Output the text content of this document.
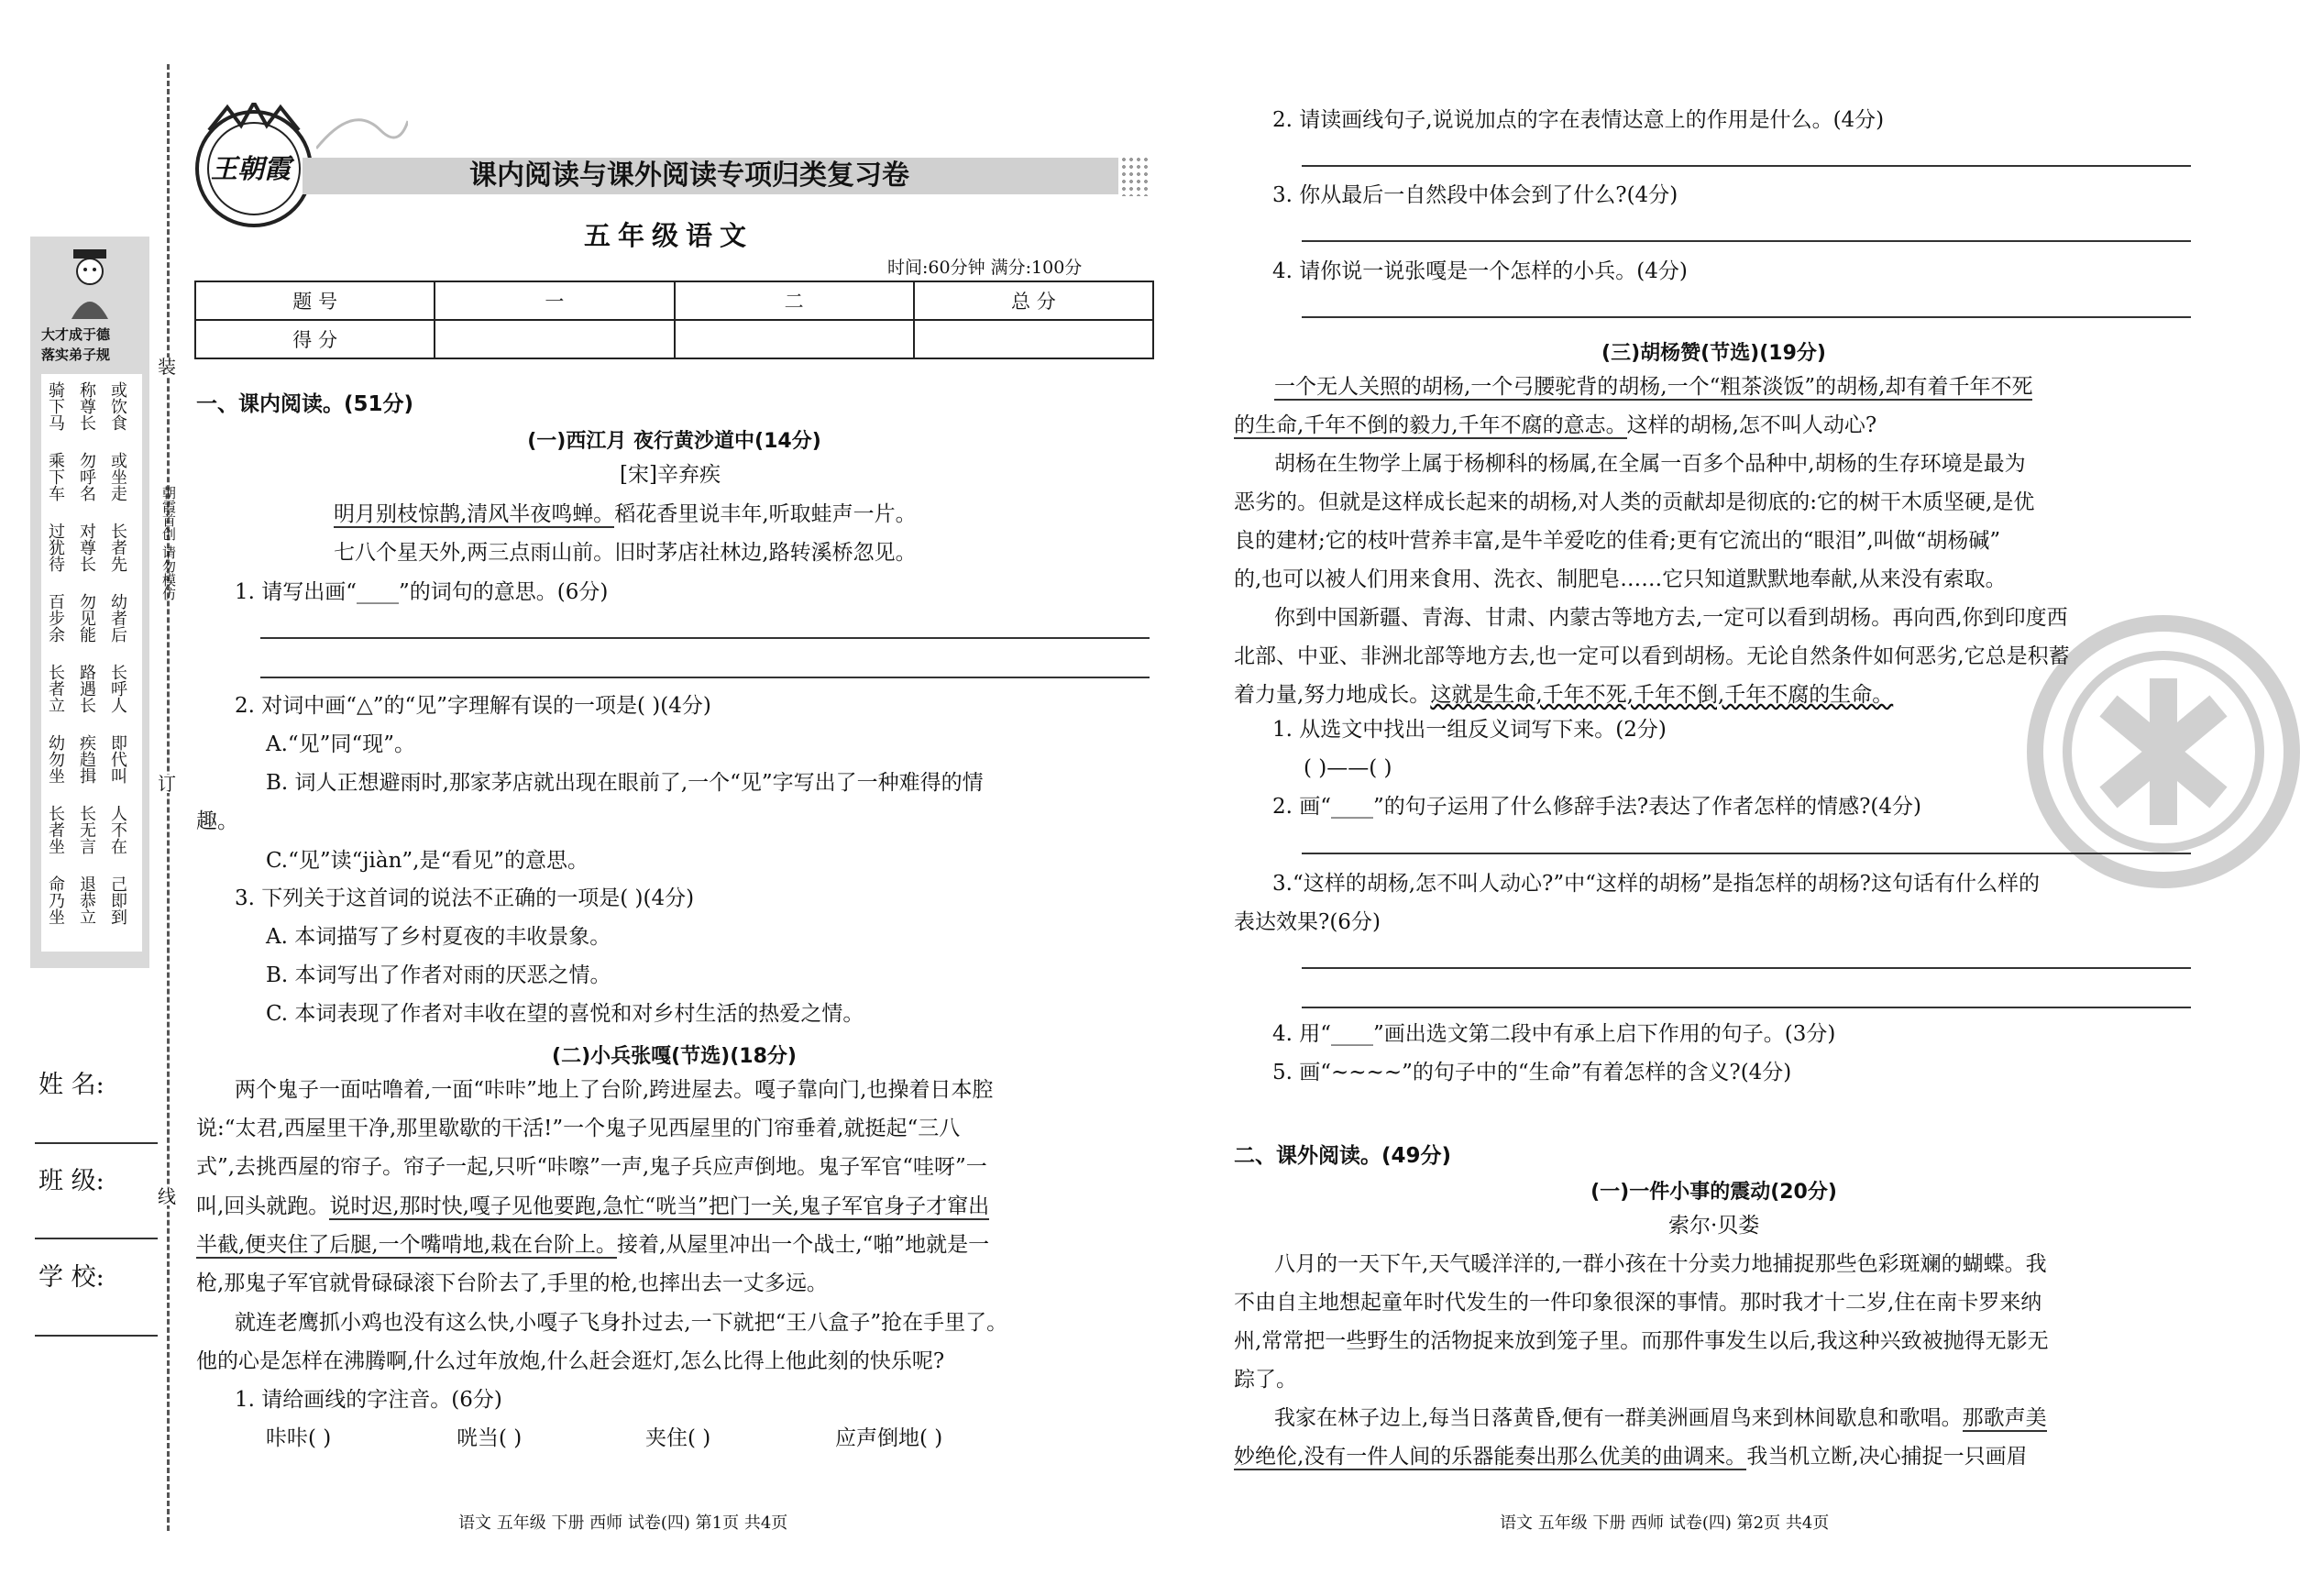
装
订
线
大才成于德
落实弟子规
或饮食
称尊长
骑下马
或坐走
勿呼名
乘下车
长者先
对尊长
过犹待
幼者后
勿见能
百步余
长呼人
路遇长
长者立
即代叫
疾趋揖
幼勿坐
人不在
长无言
长者坐
己即到
退恭立
命乃坐
朝霞首创 请勿模仿
姓 名:
班 级:
学 校:
王朝霞	课内阅读与课外阅读专项归类复习卷
五年级语文
时间:60分钟 满分:100分
题 号	一	二	总 分
得 分			
一、课内阅读。(51分)
(一)西江月 夜行黄沙道中(14分)
[宋]辛弃疾
明月别枝惊鹊,清风半夜鸣蝉。稻花香里说丰年,听取蛙声一片。
七八个星天外,两三点雨山前。旧时茅店社林边,路转溪桥忽见。
1. 请写出画“____”的词句的意思。(6分)
2. 对词中画“△”的“见”字理解有误的一项是( )(4分)
A.“见”同“现”。
B. 词人正想避雨时,那家茅店就出现在眼前了,一个“见”字写出了一种难得的情
趣。
C.“见”读“jiàn”,是“看见”的意思。
3. 下列关于这首词的说法不正确的一项是( )(4分)
A. 本词描写了乡村夏夜的丰收景象。
B. 本词写出了作者对雨的厌恶之情。
C. 本词表现了作者对丰收在望的喜悦和对乡村生活的热爱之情。
(二)小兵张嘎(节选)(18分)
两个鬼子一面咕噜着,一面“咔咔”地上了台阶,跨进屋去。嘎子靠向门,也操着日本腔
说:“太君,西屋里干净,那里歇歇的干活!”一个鬼子见西屋里的门帘垂着,就挺起“三八
式”,去挑西屋的帘子。帘子一起,只听“咔嚓”一声,鬼子兵应声倒地。鬼子军官“哇呀”一
叫,回头就跑。说时迟,那时快,嘎子见他要跑,急忙“咣当”把门一关,鬼子军官身子才窜出
半截,便夹住了后腿,一个嘴啃地,栽在台阶上。接着,从屋里冲出一个战士,“啪”地就是一
枪,那鬼子军官就骨碌碌滚下台阶去了,手里的枪,也摔出去一丈多远。
就连老鹰抓小鸡也没有这么快,小嘎子飞身扑过去,一下就把“王八盒子”抢在手里了。
他的心是怎样在沸腾啊,什么过年放炮,什么赶会逛灯,怎么比得上他此刻的快乐呢?
1. 请给画线的字注音。(6分)
咔咔( )	咣当( )	夹住( )	应声倒地( )
语文 五年级 下册 西师 试卷(四) 第1页 共4页
2. 请读画线句子,说说加点的字在表情达意上的作用是什么。(4分)
3. 你从最后一自然段中体会到了什么?(4分)
4. 请你说一说张嘎是一个怎样的小兵。(4分)
(三)胡杨赞(节选)(19分)
一个无人关照的胡杨,一个弓腰驼背的胡杨,一个“粗茶淡饭”的胡杨,却有着千年不死
的生命,千年不倒的毅力,千年不腐的意志。这样的胡杨,怎不叫人动心?
胡杨在生物学上属于杨柳科的杨属,在全属一百多个品种中,胡杨的生存环境是最为
恶劣的。但就是这样成长起来的胡杨,对人类的贡献却是彻底的:它的树干木质坚硬,是优
良的建材;它的枝叶营养丰富,是牛羊爱吃的佳肴;更有它流出的“眼泪”,叫做“胡杨碱”
的,也可以被人们用来食用、洗衣、制肥皂……它只知道默默地奉献,从来没有索取。
你到中国新疆、青海、甘肃、内蒙古等地方去,一定可以看到胡杨。再向西,你到印度西
北部、中亚、非洲北部等地方去,也一定可以看到胡杨。无论自然条件如何恶劣,它总是积蓄
着力量,努力地成长。这就是生命,千年不死,千年不倒,千年不腐的生命。
1. 从选文中找出一组反义词写下来。(2分)
( )——( )
2. 画“____”的句子运用了什么修辞手法?表达了作者怎样的情感?(4分)
3.“这样的胡杨,怎不叫人动心?”中“这样的胡杨”是指怎样的胡杨?这句话有什么样的
表达效果?(6分)
4. 用“____”画出选文第二段中有承上启下作用的句子。(3分)
5. 画“~~~~”的句子中的“生命”有着怎样的含义?(4分)
二、课外阅读。(49分)
(一)一件小事的震动(20分)
索尔·贝娄
八月的一天下午,天气暖洋洋的,一群小孩在十分卖力地捕捉那些色彩斑斓的蝴蝶。我
不由自主地想起童年时代发生的一件印象很深的事情。那时我才十二岁,住在南卡罗来纳
州,常常把一些野生的活物捉来放到笼子里。而那件事发生以后,我这种兴致被抛得无影无
踪了。
我家在林子边上,每当日落黄昏,便有一群美洲画眉鸟来到林间歇息和歌唱。那歌声美
妙绝伦,没有一件人间的乐器能奏出那么优美的曲调来。我当机立断,决心捕捉一只画眉
语文 五年级 下册 西师 试卷(四) 第2页 共4页
